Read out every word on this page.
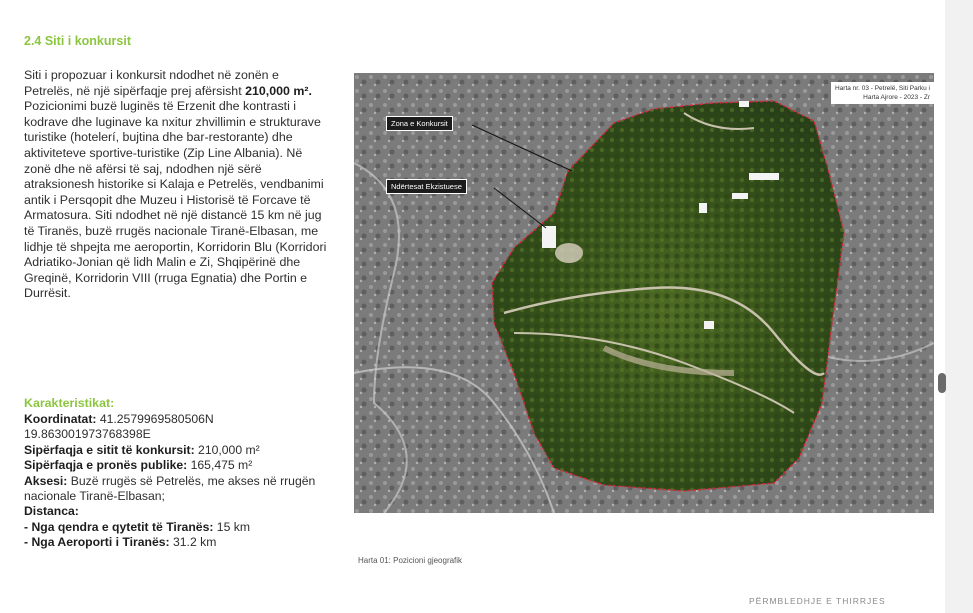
2.4 Siti i konkursit
Siti i propozuar i konkursit ndodhet në zonën e Petrelës, në një sipërfaqje prej afërsisht 210,000 m². Pozicionimi buzë luginës të Erzenit dhe kontrasti i kodrave dhe luginave ka nxitur zhvillimin e strukturave turistike (hotelerí, bujtina dhe bar-restorante) dhe aktiviteteve sportive-turistike (Zip Line Albania). Në zonë dhe në afërsi të saj, ndodhen një sërë atraksionesh historike si Kalaja e Petrelës, vendbanimi antik i Persqopit dhe Muzeu i Historisë të Forcave të Armatosura. Siti ndodhet në një distancë 15 km në jug të Tiranës, buzë rrugës nacionale Tiranë-Elbasan, me lidhje të shpejta me aeroportin, Korridorin Blu (Korridori Adriatiko-Jonian që lidh Malin e Zi, Shqipërinë dhe Greqinë, Korridorin VIII (rruga Egnatia) dhe Portin e Durrësit.
Karakteristikat:
Koordinatat: 41.2579969580506N
19.863001973768398E
Sipërfaqja e sitit të konkursit: 210,000 m²
Sipërfaqja e pronës publike: 165,475 m²
Aksesi: Buzë rrugës së Petrelës, me akses në rrugën nacionale Tiranë-Elbasan;
Distanca:
- Nga qendra e qytetit të Tiranës: 15 km
- Nga Aeroporti i Tiranës: 31.2 km
Zona e Konkursit
Ndërtesat Ekzistuese
Harta nr. 03 - Petrelë, Siti Parku i
Harta Ajrore - 2023 - Zr
Harta 01: Pozicioni gjeografik
PËRMBLEDHJE E THIRRJES
